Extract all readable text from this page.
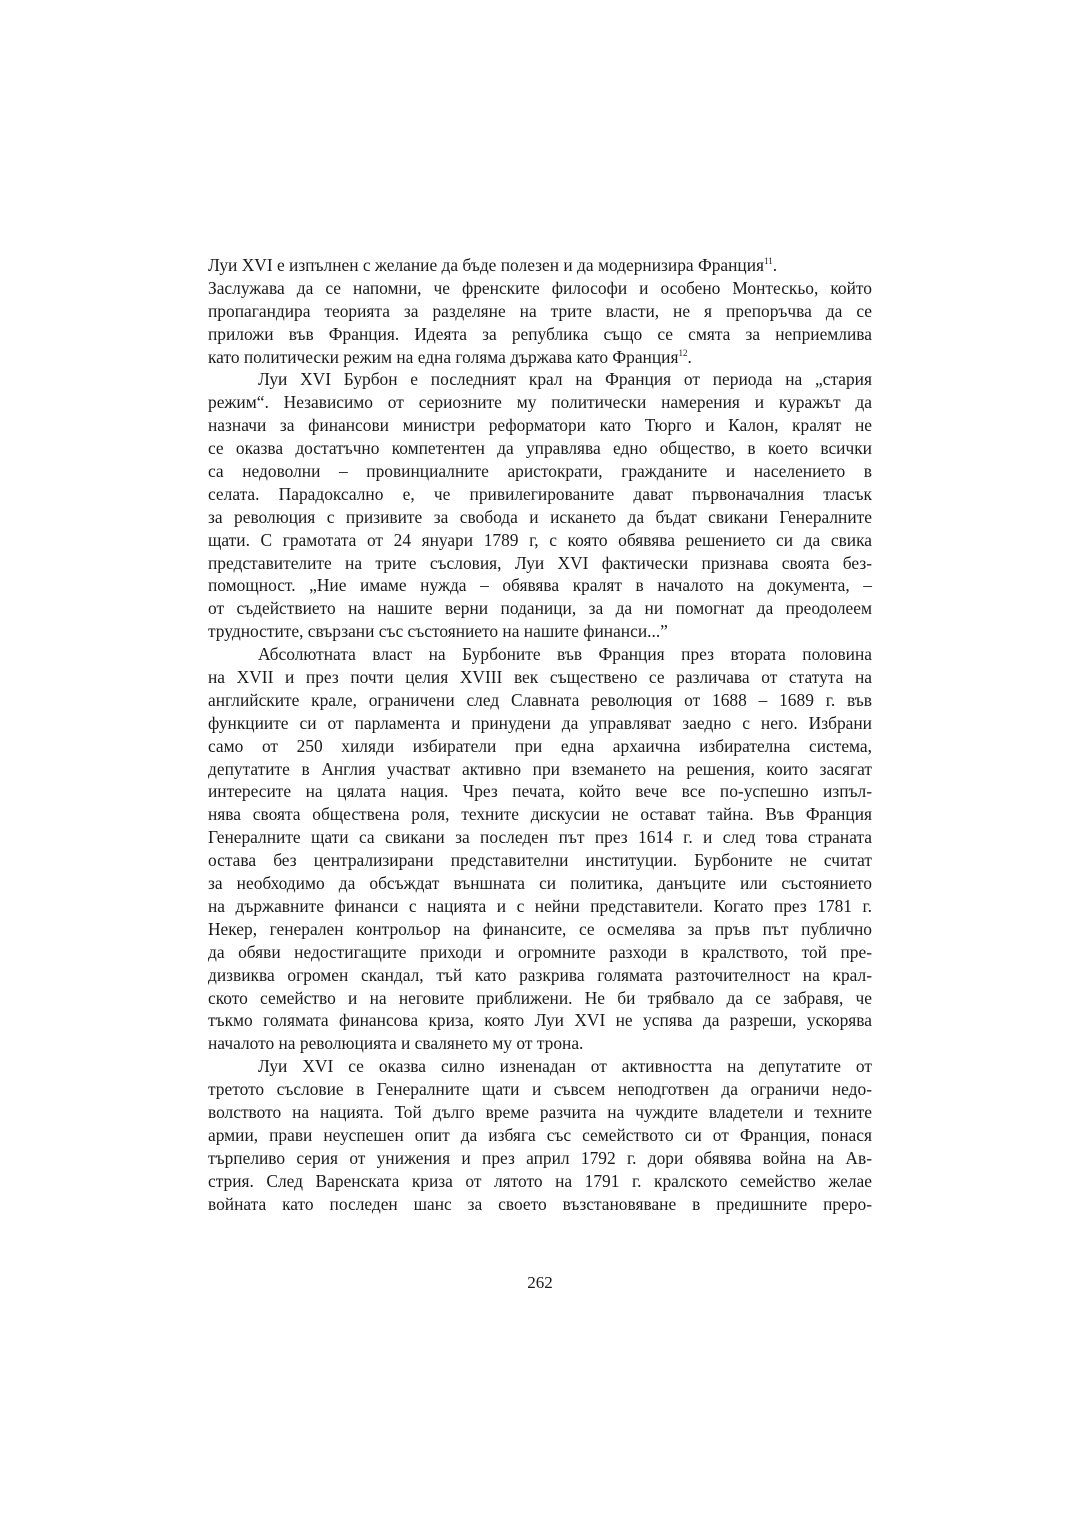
Луи XVI е изпълнен с желание да бъде полезен и да модернизира Франция$^{11}$.
Заслужава да се напомни, че френските философи и особено Монтескьо, който
пропагандира теорията за разделяне на трите власти, не я препоръчва да се
приложи във Франция. Идеята за република също се смята за неприемлива
като политически режим на една голяма държава като Франция$^{12}$.
Луи XVI Бурбон е последният крал на Франция от периода на „стария
режим“. Независимо от сериозните му политически намерения и куражът да
назначи за финансови министри реформатори като Тюрго и Калон, кралят не
се оказва достатъчно компетентен да управлява едно общество, в което всички
са недоволни – провинциалните аристократи, гражданите и населението в
селата. Парадоксално е, че привилегированите дават първоначалния тласък
за революция с призивите за свобода и искането да бъдат свикани Генералните
щати. С грамотата от 24 януари 1789 г, с която обявява решението си да свика
представителите на трите съсловия, Луи XVI фактически признава своята без-
помощност. „Ние имаме нужда – обявява кралят в началото на документа, –
от съдействието на нашите верни поданици, за да ни помогнат да преодолеем
трудностите, свързани със състоянието на нашите финанси...”
Абсолютната власт на Бурбоните във Франция през втората половина
на XVII и през почти целия XVIII век съществено се различава от статута на
английските крале, ограничени след Славната революция от 1688 – 1689 г. във
функциите си от парламента и принудени да управляват заедно с него. Избрани
само от 250 хиляди избиратели при една архаична избирателна система,
депутатите в Англия участват активно при вземането на решения, които засягат
интересите на цялата нация. Чрез печата, който вече все по-успешно изпъл-
нява своята обществена роля, техните дискусии не остават тайна. Във Франция
Генералните щати са свикани за последен път през 1614 г. и след това страната
остава без централизирани представителни институции. Бурбоните не считат
за необходимо да обсъждат външната си политика, данъците или състоянието
на държавните финанси с нацията и с нейни представители. Когато през 1781 г.
Некер, генерален контрольор на финансите, се осмелява за пръв път публично
да обяви недостигащите приходи и огромните разходи в кралството, той пре-
дизвиква огромен скандал, тъй като разкрива голямата разточителност на крал-
ското семейство и на неговите приближени. Не би трябвало да се забравя, че
тъкмо голямата финансова криза, която Луи XVI не успява да разреши, ускорява
началото на революцията и свалянето му от трона.
Луи XVI се оказва силно изненадан от активността на депутатите от
третото съсловие в Генералните щати и съвсем неподготвен да ограничи недо-
волството на нацията. Той дълго време разчита на чуждите владетели и техните
армии, прави неуспешен опит да избяга със семейството си от Франция, понася
търпеливо серия от унижения и през април 1792 г. дори обявява война на Ав-
стрия. След Варенската криза от лятото на 1791 г. кралското семейство желае
войната като последен шанс за своето възстановяване в предишните преро-
262
